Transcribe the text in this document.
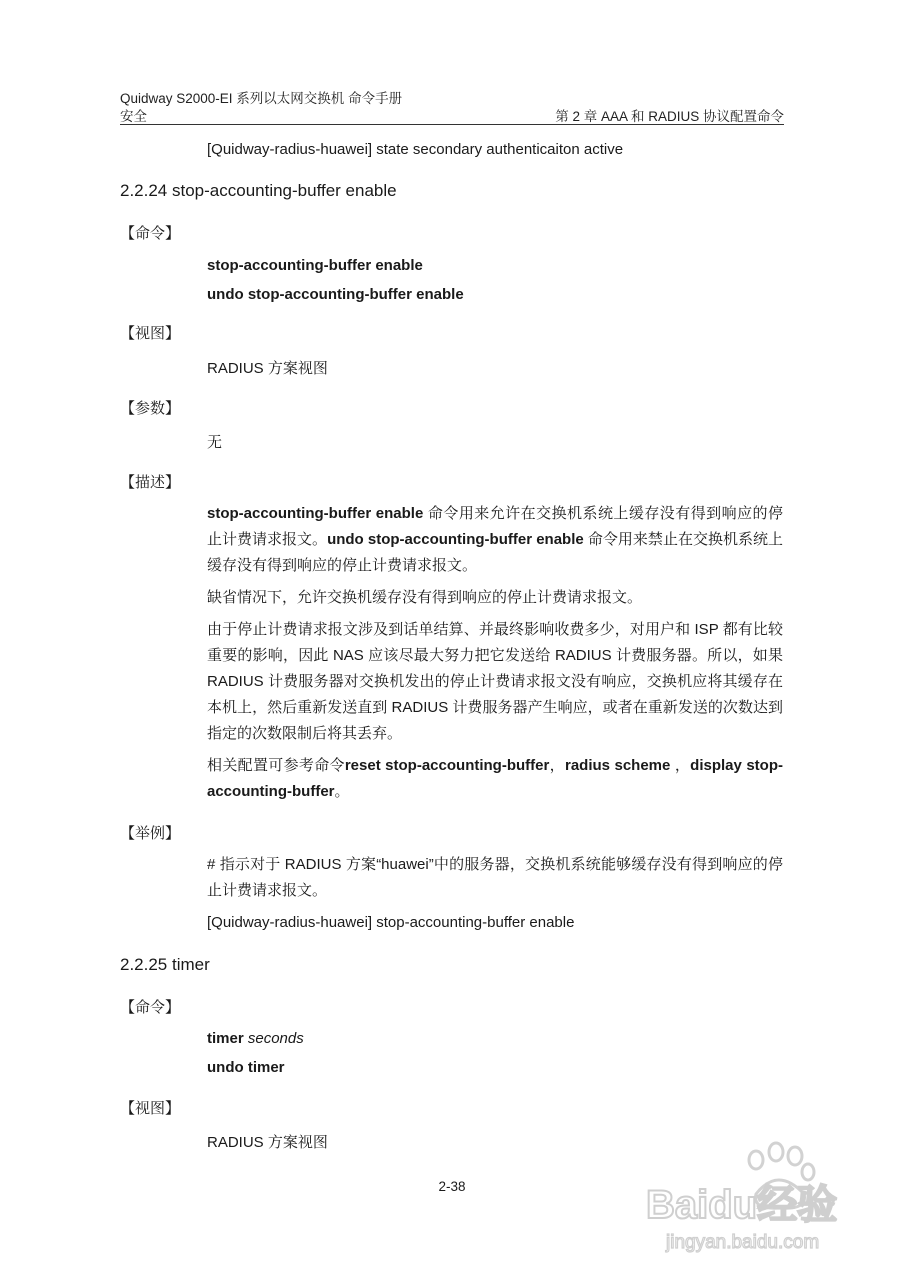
Quidway S2000-EI 系列以太网交换机 命令手册
安全	第 2 章 AAA 和 RADIUS 协议配置命令
[Quidway-radius-huawei] state secondary authenticaiton active
2.2.24 stop-accounting-buffer enable
【命令】
stop-accounting-buffer enable
undo stop-accounting-buffer enable
【视图】
RADIUS 方案视图
【参数】
无
【描述】
stop-accounting-buffer enable 命令用来允许在交换机系统上缓存没有得到响应的停止计费请求报文。undo stop-accounting-buffer enable 命令用来禁止在交换机系统上缓存没有得到响应的停止计费请求报文。
缺省情况下，允许交换机缓存没有得到响应的停止计费请求报文。
由于停止计费请求报文涉及到话单结算、并最终影响收费多少，对用户和 ISP 都有比较重要的影响，因此 NAS 应该尽最大努力把它发送给 RADIUS 计费服务器。所以，如果 RADIUS 计费服务器对交换机发出的停止计费请求报文没有响应，交换机应将其缓存在本机上，然后重新发送直到 RADIUS 计费服务器产生响应，或者在重新发送的次数达到指定的次数限制后将其丢弃。
相关配置可参考命令reset stop-accounting-buffer，radius scheme ，display stop-accounting-buffer。
【举例】
# 指示对于 RADIUS 方案“huawei”中的服务器，交换机系统能够缓存没有得到响应的停止计费请求报文。
[Quidway-radius-huawei] stop-accounting-buffer enable
2.2.25 timer
【命令】
timer seconds
undo timer
【视图】
RADIUS 方案视图
2-38	Baidu经验
jingyan.baidu.com
